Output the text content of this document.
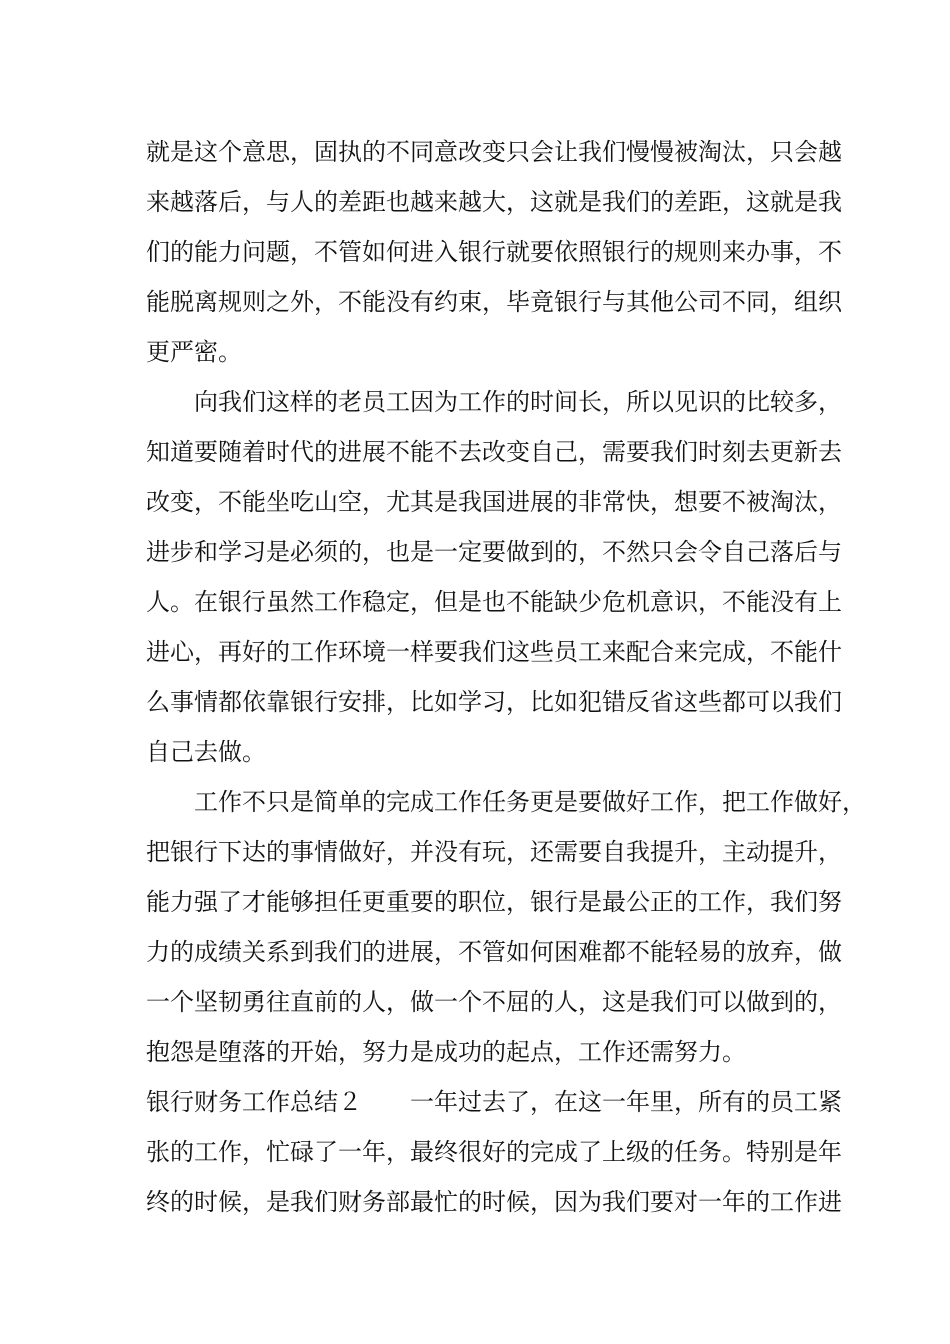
就是这个意思，固执的不同意改变只会让我们慢慢被淘汰，只会越
来越落后，与人的差距也越来越大，这就是我们的差距，这就是我
们的能力问题，不管如何进入银行就要依照银行的规则来办事，不
能脱离规则之外，不能没有约束，毕竟银行与其他公司不同，组织
更严密。
向我们这样的老员工因为工作的时间长，所以见识的比较多，
知道要随着时代的进展不能不去改变自己，需要我们时刻去更新去
改变，不能坐吃山空，尤其是我国进展的非常快，想要不被淘汰，
进步和学习是必须的，也是一定要做到的，不然只会令自己落后与
人。在银行虽然工作稳定，但是也不能缺少危机意识，不能没有上
进心，再好的工作环境一样要我们这些员工来配合来完成，不能什
么事情都依靠银行安排，比如学习，比如犯错反省这些都可以我们
自己去做。
工作不只是简单的完成工作任务更是要做好工作，把工作做好，
把银行下达的事情做好，并没有玩，还需要自我提升，主动提升，
能力强了才能够担任更重要的职位，银行是最公正的工作，我们努
力的成绩关系到我们的进展，不管如何困难都不能轻易的放弃，做
一个坚韧勇往直前的人，做一个不屈的人，这是我们可以做到的，
抱怨是堕落的开始，努力是成功的起点，工作还需努力。
银行财务工作总结２　　一年过去了，在这一年里，所有的员工紧
张的工作，忙碌了一年，最终很好的完成了上级的任务。特别是年
终的时候，是我们财务部最忙的时候，因为我们要对一年的工作进
